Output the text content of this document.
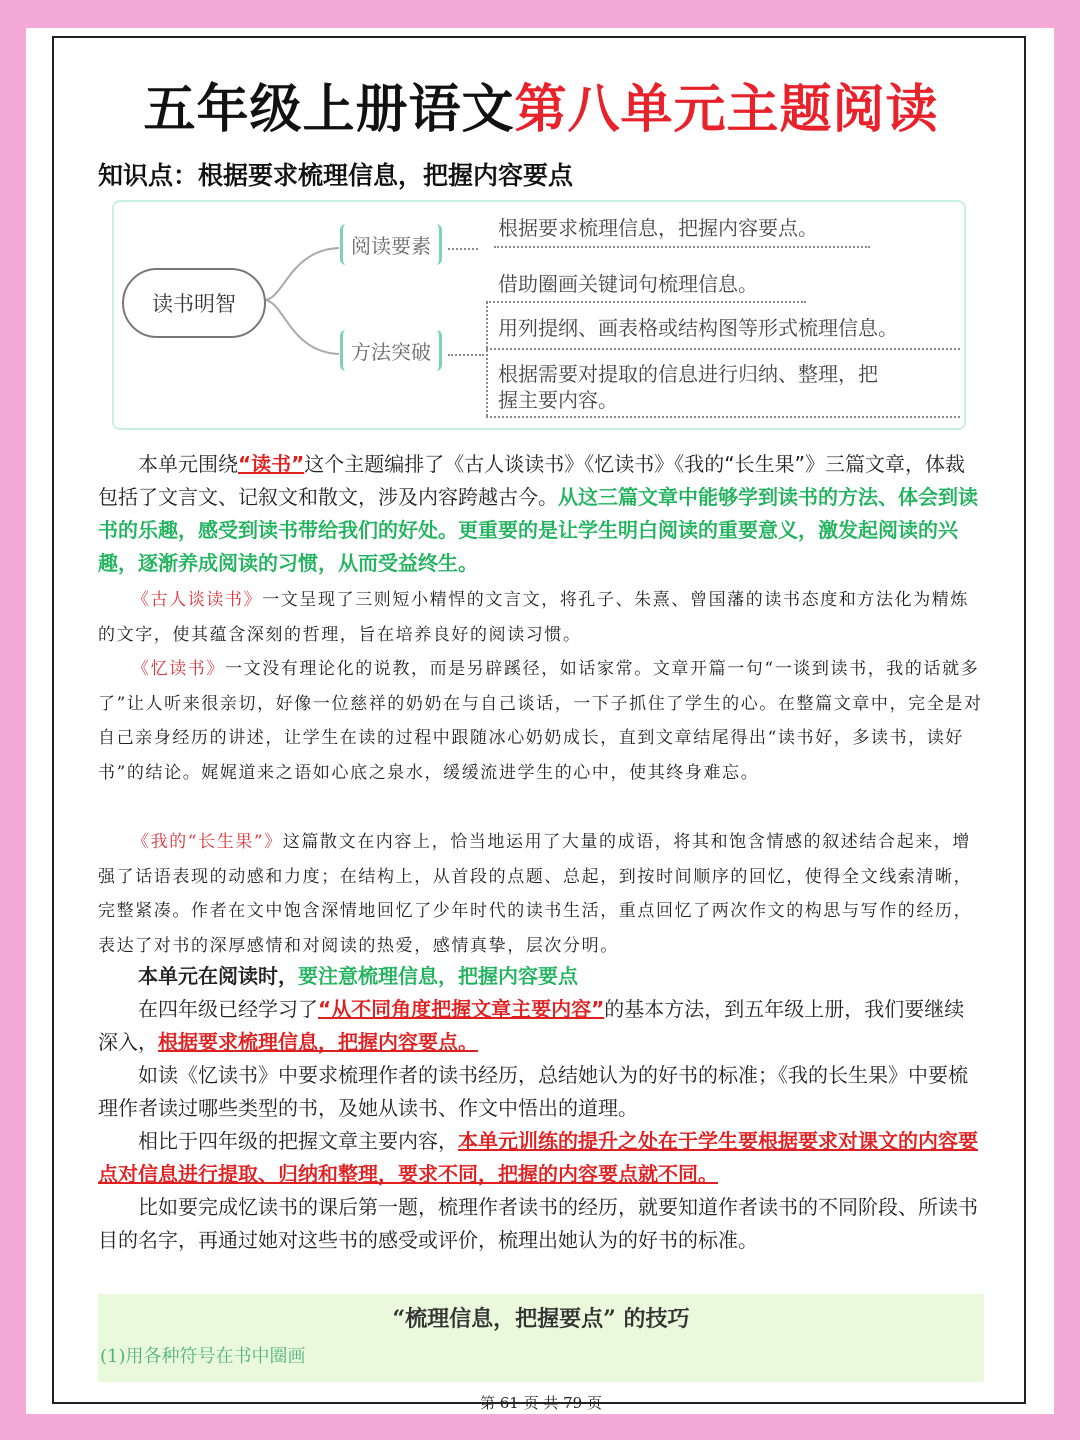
五年级上册语文第八单元主题阅读
知识点：根据要求梳理信息，把握内容要点
读书明智
阅读要素
根据要求梳理信息，把握内容要点。
方法突破
借助圈画关键词句梳理信息。
用列提纲、画表格或结构图等形式梳理信息。
根据需要对提取的信息进行归纳、整理，把
握主要内容。
本单元围绕“读书”这个主题编排了《古人谈读书》《忆读书》《我的“长生果”》三篇文章，体裁包括了文言文、记叙文和散文，涉及内容跨越古今。从这三篇文章中能够学到读书的方法、体会到读书的乐趣，感受到读书带给我们的好处。更重要的是让学生明白阅读的重要意义，激发起阅读的兴趣，逐渐养成阅读的习惯，从而受益终生。
《古人谈读书》一文呈现了三则短小精悍的文言文，将孔子、朱熹、曾国藩的读书态度和方法化为精炼的文字，使其蕴含深刻的哲理，旨在培养良好的阅读习惯。
《忆读书》一文没有理论化的说教，而是另辟蹊径，如话家常。文章开篇一句“一谈到读书，我的话就多了”让人听来很亲切，好像一位慈祥的奶奶在与自己谈话，一下子抓住了学生的心。在整篇文章中，完全是对自己亲身经历的讲述，让学生在读的过程中跟随冰心奶奶成长，直到文章结尾得出“读书好，多读书，读好书”的结论。娓娓道来之语如心底之泉水，缓缓流进学生的心中，使其终身难忘。
《我的“长生果”》这篇散文在内容上，恰当地运用了大量的成语，将其和饱含情感的叙述结合起来，增强了话语表现的动感和力度；在结构上，从首段的点题、总起，到按时间顺序的回忆，使得全文线索清晰，完整紧凑。作者在文中饱含深情地回忆了少年时代的读书生活，重点回忆了两次作文的构思与写作的经历，表达了对书的深厚感情和对阅读的热爱，感情真挚，层次分明。
本单元在阅读时，要注意梳理信息，把握内容要点
在四年级已经学习了“从不同角度把握文章主要内容”的基本方法，到五年级上册，我们要继续深入，根据要求梳理信息，把握内容要点。
如读《忆读书》中要求梳理作者的读书经历，总结她认为的好书的标准；《我的长生果》中要梳理作者读过哪些类型的书，及她从读书、作文中悟出的道理。
相比于四年级的把握文章主要内容，本单元训练的提升之处在于学生要根据要求对课文的内容要点对信息进行提取、归纳和整理，要求不同，把握的内容要点就不同。
比如要完成忆读书的课后第一题，梳理作者读书的经历，就要知道作者读书的不同阶段、所读书目的名字，再通过她对这些书的感受或评价，梳理出她认为的好书的标准。
“梳理信息，把握要点” 的技巧
(1)用各种符号在书中圈画
第 61 页 共 79 页
